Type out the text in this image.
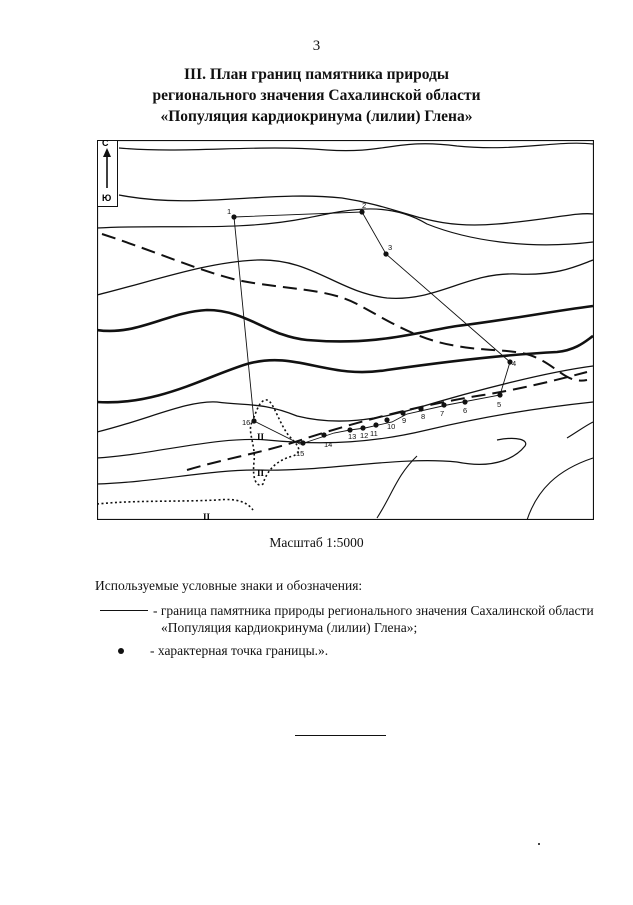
3
III. План границ памятника природы
регионального значения Сахалинской области
«Популяция кардиокринума (лилии) Глена»
С
Ю
II
II
II
1
2
3
4
5
6
7
8
9
10
11
12
13
14
15
16
Масштаб 1:5000
Используемые условные знаки и обозначения:
- граница памятника природы регионального значения Сахалинской области
«Популяция кардиокринума (лилии) Глена»;
- характерная точка границы.».
